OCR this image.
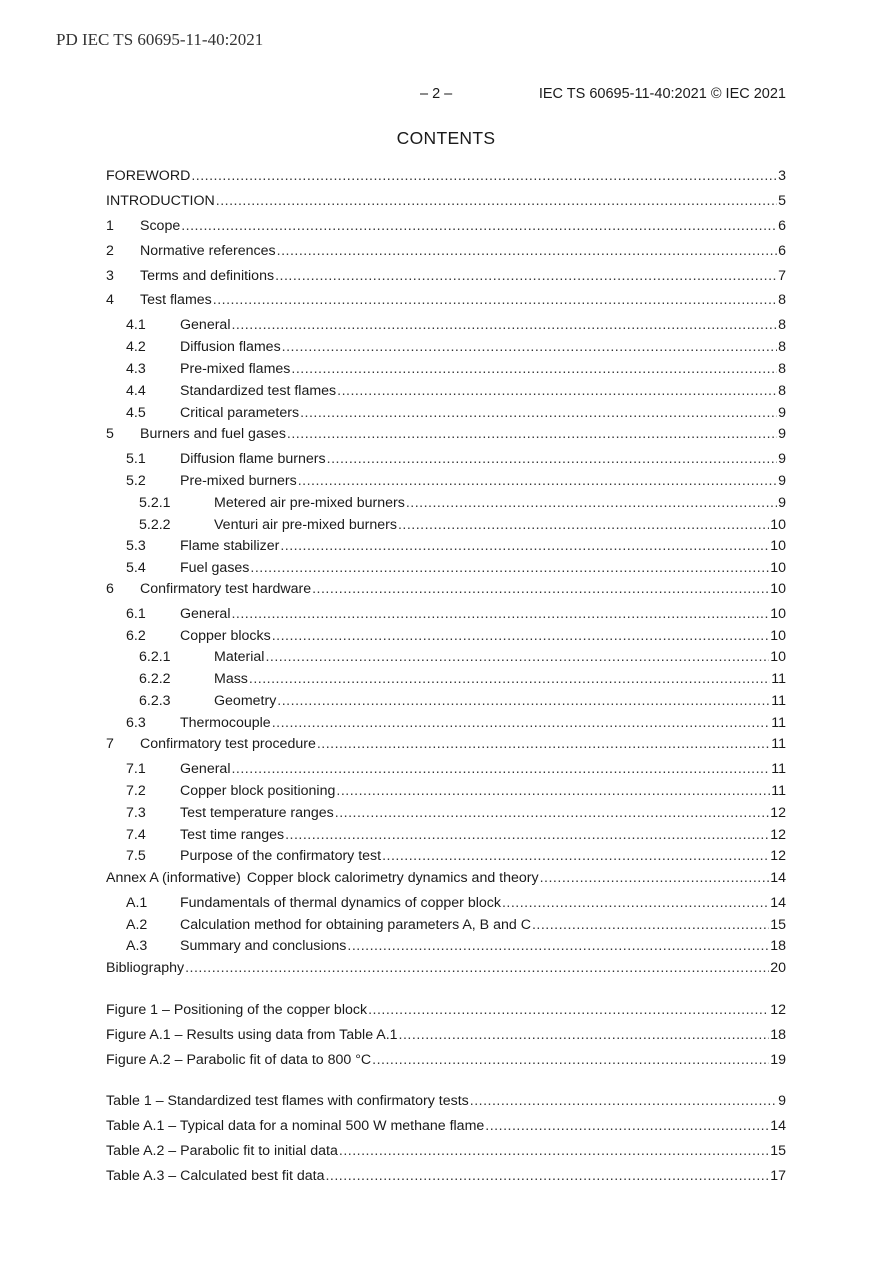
PD IEC TS 60695-11-40:2021
– 2 –	IEC TS 60695-11-40:2021 © IEC 2021
CONTENTS
FOREWORD .....	3
INTRODUCTION .....	5
1	Scope .....	6
2	Normative references .....	6
3	Terms and definitions .....	7
4	Test flames .....	8
4.1	General .....	8
4.2	Diffusion flames .....	8
4.3	Pre-mixed flames .....	8
4.4	Standardized test flames .....	8
4.5	Critical parameters .....	9
5	Burners and fuel gases .....	9
5.1	Diffusion flame burners .....	9
5.2	Pre-mixed burners .....	9
5.2.1	Metered air pre-mixed burners .....	9
5.2.2	Venturi air pre-mixed burners .....	10
5.3	Flame stabilizer .....	10
5.4	Fuel gases .....	10
6	Confirmatory test hardware .....	10
6.1	General .....	10
6.2	Copper blocks .....	10
6.2.1	Material .....	10
6.2.2	Mass .....	11
6.2.3	Geometry .....	11
6.3	Thermocouple .....	11
7	Confirmatory test procedure .....	11
7.1	General .....	11
7.2	Copper block positioning .....	11
7.3	Test temperature ranges .....	12
7.4	Test time ranges .....	12
7.5	Purpose of the confirmatory test .....	12
Annex A (informative) Copper block calorimetry dynamics and theory .....	14
A.1	Fundamentals of thermal dynamics of copper block .....	14
A.2	Calculation method for obtaining parameters A, B and C .....	15
A.3	Summary and conclusions .....	18
Bibliography .....	20
Figure 1 – Positioning of the copper block .....	12
Figure A.1 – Results using data from Table A.1 .....	18
Figure A.2 – Parabolic fit of data to 800 °C .....	19
Table 1 – Standardized test flames with confirmatory tests .....	9
Table A.1 – Typical data for a nominal 500 W methane flame .....	14
Table A.2 – Parabolic fit to initial data .....	15
Table A.3 – Calculated best fit data .....	17
